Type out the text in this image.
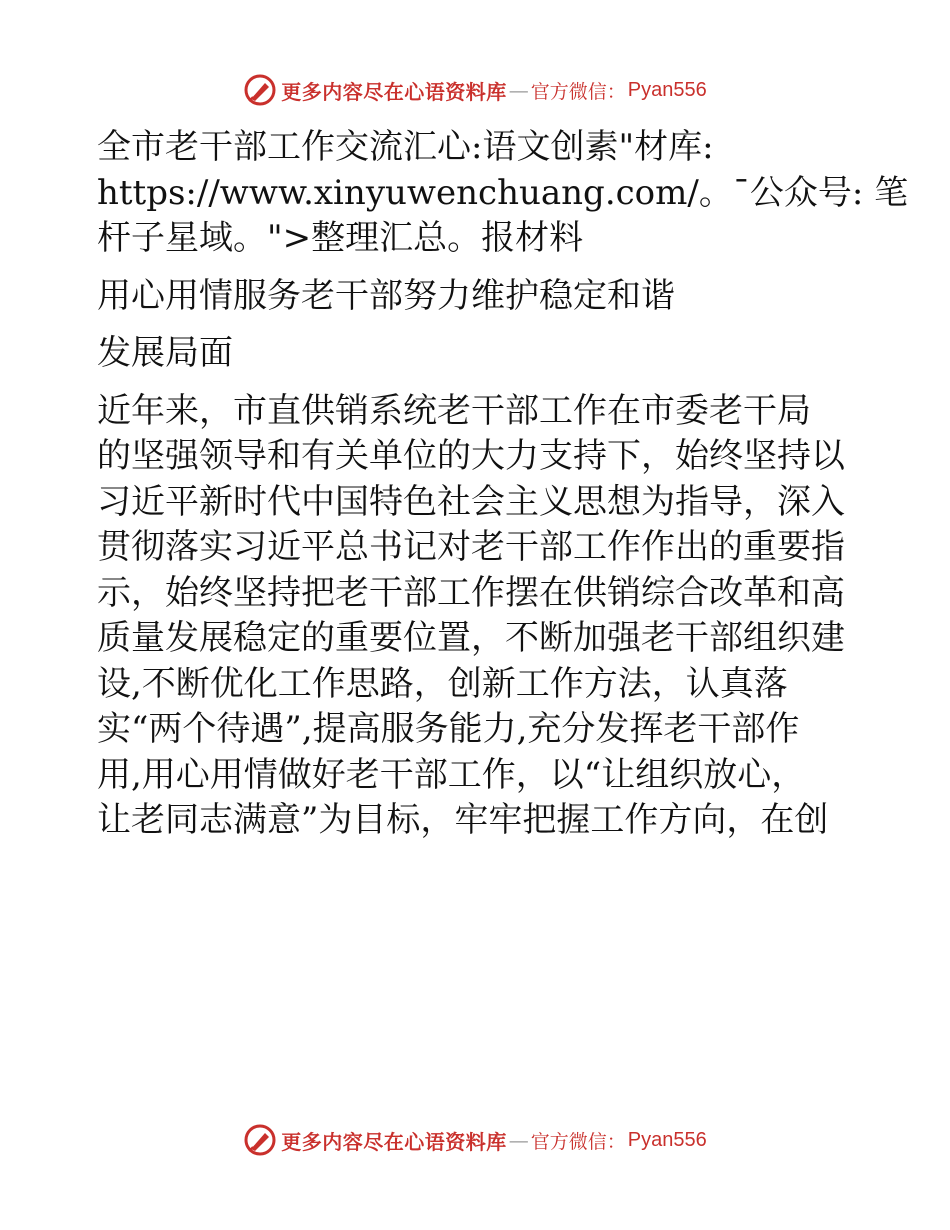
更多内容尽在心语资料库 — 官方微信： Pyan556

全市老干部工作交流汇心:语文创素"材库:
https://www.xinyuwenchuang.com/。¯公众号: 笔
杆子星域。">整理汇总。报材料

用心用情服务老干部努力维护稳定和谐
发展局面

近年来，市直供销系统老干部工作在市委老干局
的坚强领导和有关单位的大力支持下，始终坚持以
习近平新时代中国特色社会主义思想为指导，深入
贯彻落实习近平总书记对老干部工作作出的重要指
示，始终坚持把老干部工作摆在供销综合改革和高
质量发展稳定的重要位置，不断加强老干部组织建
设,不断优化工作思路，创新工作方法，认真落
实“两个待遇”,提高服务能力,充分发挥老干部作
用,用心用情做好老干部工作，以“让组织放心，
让老同志满意”为目标，牢牢把握工作方向，在创

更多内容尽在心语资料库 — 官方微信： Pyan556
